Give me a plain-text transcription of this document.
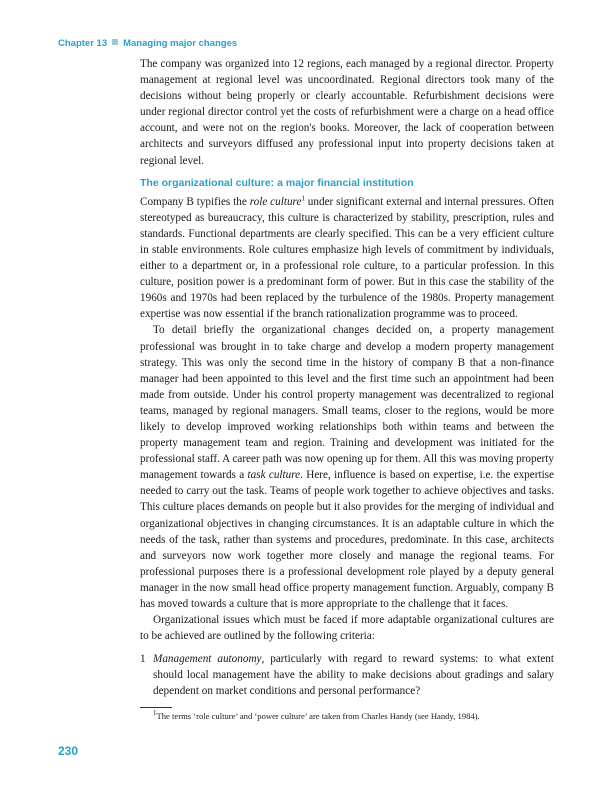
Chapter 13 Managing major changes

The company was organized into 12 regions, each managed by a regional director. Property management at regional level was uncoordinated. Regional directors took many of the decisions without being properly or clearly accountable. Refurbishment decisions were under regional director control yet the costs of refurbishment were a charge on a head office account, and were not on the region's books. Moreover, the lack of cooperation between architects and surveyors diffused any professional input into property decisions taken at regional level.

The organizational culture: a major financial institution

Company B typifies the role culture$^1$ under significant external and internal pressures. Often stereotyped as bureaucracy, this culture is characterized by stability, prescription, rules and standards. Functional departments are clearly specified. This can be a very efficient culture in stable environments. Role cultures emphasize high levels of commitment by individuals, either to a department or, in a professional role culture, to a particular profession. In this culture, position power is a predominant form of power. But in this case the stability of the 1960s and 1970s had been replaced by the turbulence of the 1980s. Property management expertise was now essential if the branch rationalization programme was to proceed.

To detail briefly the organizational changes decided on, a property management professional was brought in to take charge and develop a modern property management strategy. This was only the second time in the history of company B that a non-finance manager had been appointed to this level and the first time such an appointment had been made from outside. Under his control property management was decentralized to regional teams, managed by regional managers. Small teams, closer to the regions, would be more likely to develop improved working relationships both within teams and between the property management team and region. Training and development was initiated for the professional staff. A career path was now opening up for them. All this was moving property management towards a task culture. Here, influence is based on expertise, i.e. the expertise needed to carry out the task. Teams of people work together to achieve objectives and tasks. This culture places demands on people but it also provides for the merging of individual and organizational objectives in changing circumstances. It is an adaptable culture in which the needs of the task, rather than systems and procedures, predominate. In this case, architects and surveyors now work together more closely and manage the regional teams. For professional purposes there is a professional development role played by a deputy general manager in the now small head office property management function. Arguably, company B has moved towards a culture that is more appropriate to the challenge that it faces.

Organizational issues which must be faced if more adaptable organizational cultures are to be achieved are outlined by the following criteria:

1 Management autonomy, particularly with regard to reward systems: to what extent should local management have the ability to make decisions about gradings and salary dependent on market conditions and personal performance?

$^1$The terms ‘role culture’ and ‘power culture’ are taken from Charles Handy (see Handy, 1984).

230
